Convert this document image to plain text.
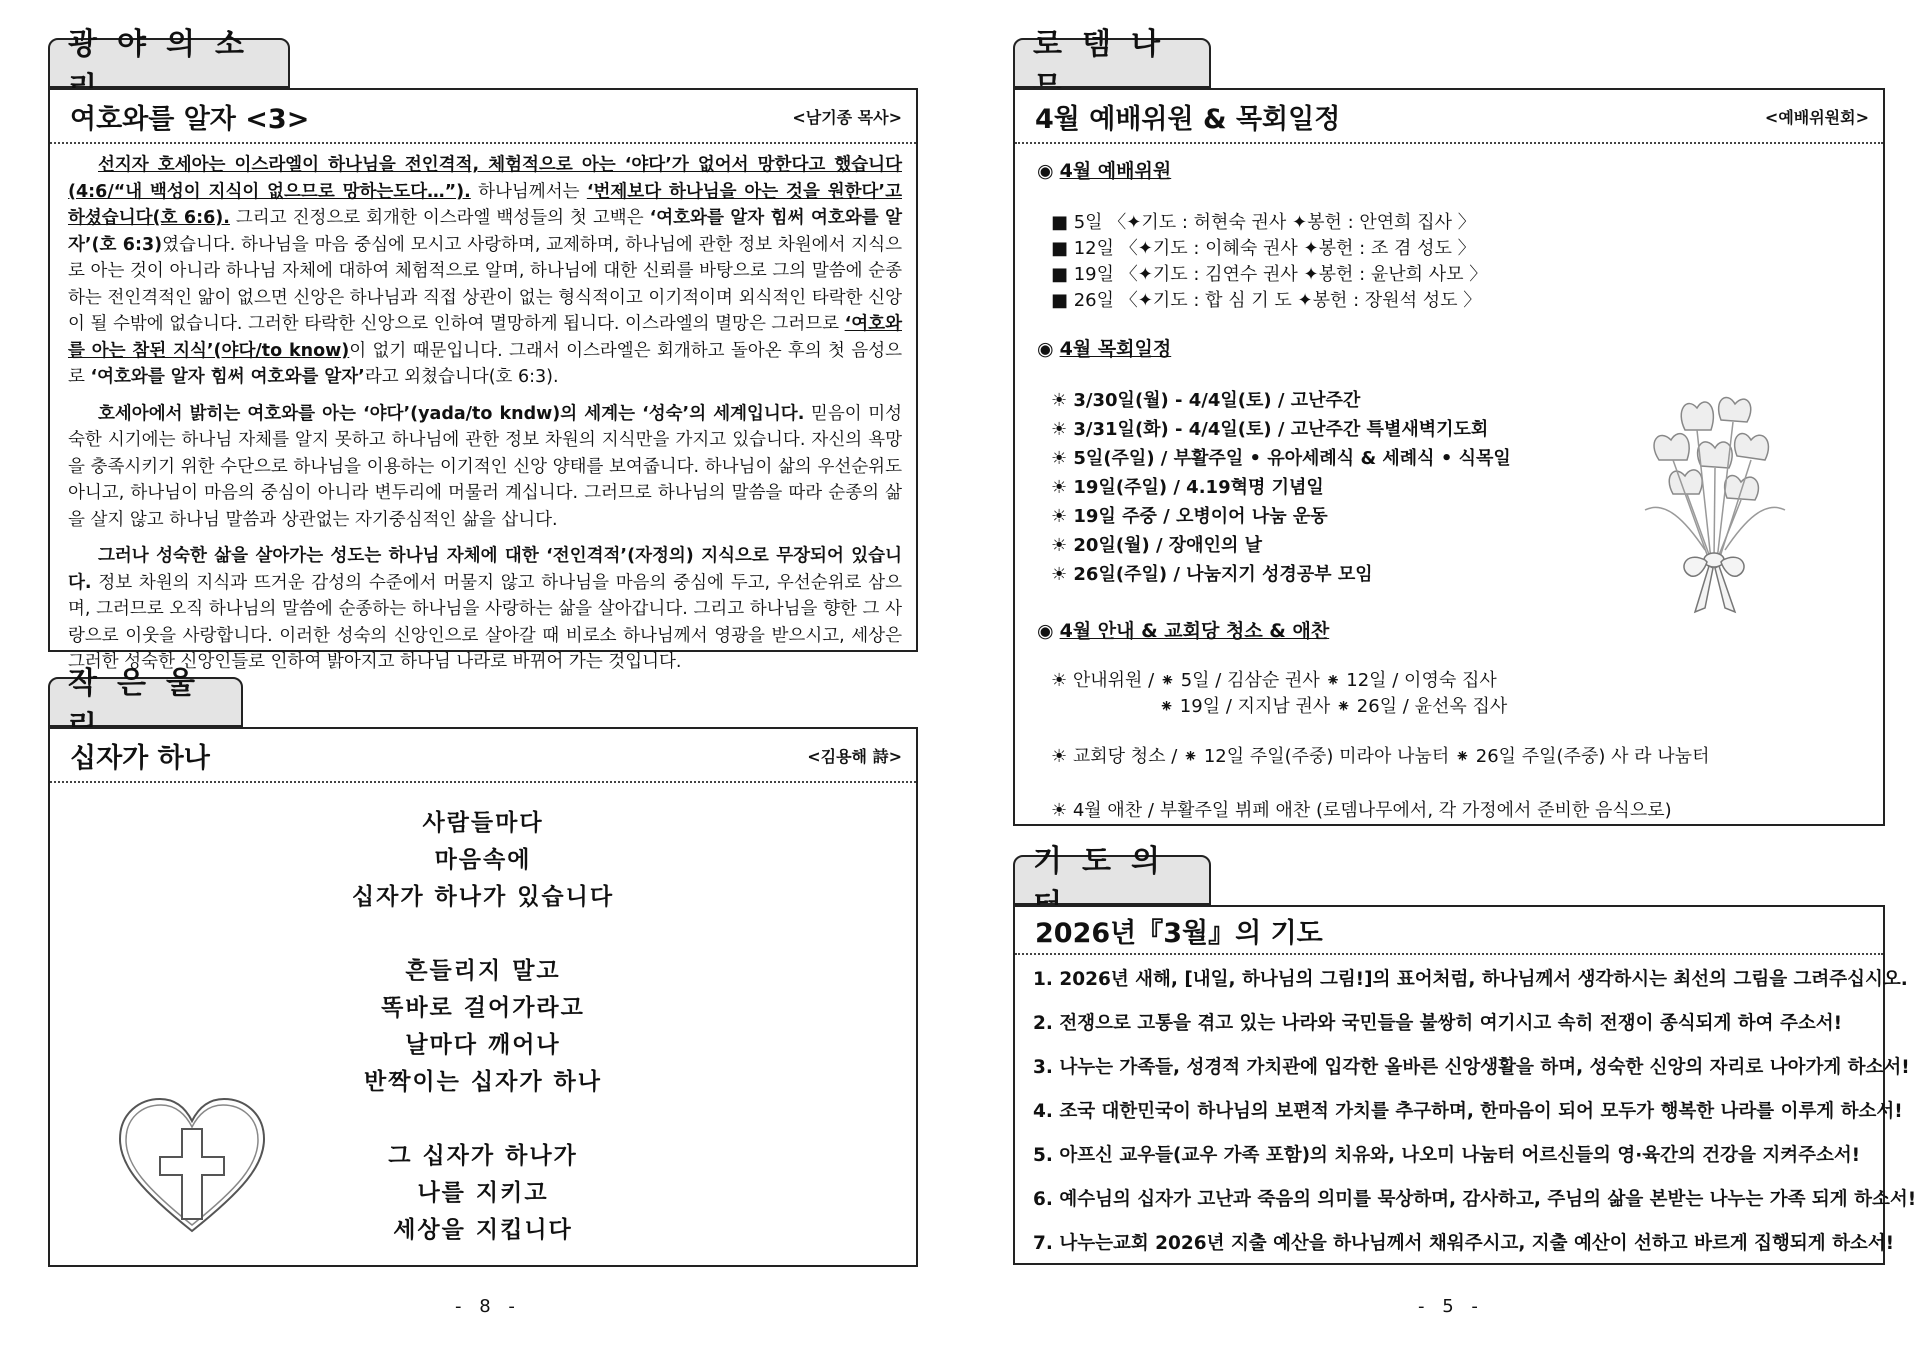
광야의소
여호와를 알자 <3>	<남기종 목사>

선지자 호세아는 이스라엘이 하나님을 전인격적, 체험적으로 아는 ‘야다’가 없어서 망한다고 했습니다(4:6/“내 백성이 지식이 없으므로 망하는도다…”). 하나님께서는 ‘번제보다 하나님을 아는 것을 원한다’고 하셨습니다(호 6:6). 그리고 진정으로 회개한 이스라엘 백성들의 첫 고백은 ‘여호와를 알자 힘써 여호와를 알자’(호 6:3)였습니다. 하나님을 마음 중심에 모시고 사랑하며, 교제하며, 하나님에 관한 정보 차원에서 지식으로 아는 것이 아니라 하나님 자체에 대하여 체험적으로 알며, 하나님에 대한 신뢰를 바탕으로 그의 말씀에 순종하는 전인격적인 앎이 없으면 신앙은 하나님과 직접 상관이 없는 형식적이고 이기적이며 외식적인 타락한 신앙이 될 수밖에 없습니다. 그러한 타락한 신앙으로 인하여 멸망하게 됩니다. 이스라엘의 멸망은 그러므로 ‘여호와를 아는 참된 지식’(야다/to know)이 없기 때문입니다. 그래서 이스라엘은 회개하고 돌아온 후의 첫 음성으로 ‘여호와를 알자 힘써 여호와를 알자’라고 외쳤습니다(호 6:3).

호세아에서 밝히는 여호와를 아는 ‘야다’(yada/to kndw)의 세계는 ‘성숙’의 세계입니다. 믿음이 미성숙한 시기에는 하나님 자체를 알지 못하고 하나님에 관한 정보 차원의 지식만을 가지고 있습니다. 자신의 욕망을 충족시키기 위한 수단으로 하나님을 이용하는 이기적인 신앙 양태를 보여줍니다. 하나님이 삶의 우선순위도 아니고, 하나님이 마음의 중심이 아니라 변두리에 머물러 계십니다. 그러므로 하나님의 말씀을 따라 순종의 삶을 살지 않고 하나님 말씀과 상관없는 자기중심적인 삶을 삽니다.

그러나 성숙한 삶을 살아가는 성도는 하나님 자체에 대한 ‘전인격적’(자정의) 지식으로 무장되어 있습니다. 정보 차원의 지식과 뜨거운 감성의 수준에서 머물지 않고 하나님을 마음의 중심에 두고, 우선순위로 삼으며, 그러므로 오직 하나님의 말씀에 순종하는 하나님을 사랑하는 삶을 살아갑니다. 그리고 하나님을 향한 그 사랑으로 이웃을 사랑합니다. 이러한 성숙의 신앙인으로 살아갈 때 비로소 하나님께서 영광을 받으시고, 세상은 그러한 성숙한 신앙인들로 인하여 밝아지고 하나님 나라로 바뀌어 가는 것입니다.

작은울
십자가 하나	<김용해 詩>
사람들마다
마음속에
십자가 하나가 있습니다
흔들리지 말고
똑바로 걸어가라고
날마다 깨어나
반짝이는 십자가 하나
그 십자가 하나가
나를 지키고
세상을 지킵니다
- 8 -
로뎀나
4월 예배위원 & 목회일정	<예배위원회>
◉ 4월 예배위원
■ 5일 〈✦기도 : 허현숙 권사 ✦봉헌 : 안연희 집사 〉
■ 12일 〈✦기도 : 이혜숙 권사 ✦봉헌 : 조 겸 성도 〉
■ 19일 〈✦기도 : 김연수 권사 ✦봉헌 : 윤난희 사모 〉
■ 26일 〈✦기도 : 합 심 기 도 ✦봉헌 : 장원석 성도 〉
◉ 4월 목회일정
☀ 3/30일(월) - 4/4일(토) / 고난주간
☀ 3/31일(화) - 4/4일(토) / 고난주간 특별새벽기도회
☀ 5일(주일) / 부활주일 • 유아세례식 & 세례식 • 식목일
☀ 19일(주일) / 4.19혁명 기념일
☀ 19일 주중 / 오병이어 나눔 운동
☀ 20일(월) / 장애인의 날
☀ 26일(주일) / 나눔지기 성경공부 모임
◉ 4월 안내 & 교회당 청소 & 애찬
☀ 안내위원 / ⁕ 5일 / 김삼순 권사 ⁕ 12일 / 이영숙 집사
⁕ 19일 / 지지남 권사 ⁕ 26일 / 윤선옥 집사
☀ 교회당 청소 / ⁕ 12일 주일(주중) 미라아 나눔터 ⁕ 26일 주일(주중) 사 라 나눔터
☀ 4월 애찬 / 부활주일 뷔페 애찬 (로뎀나무에서, 각 가정에서 준비한 음식으로)
기도의
2026년『3월』의 기도
1. 2026년 새해, [내일, 하나님의 그림!]의 표어처럼, 하나님께서 생각하시는 최선의 그림을 그려주십시오.
2. 전쟁으로 고통을 겪고 있는 나라와 국민들을 불쌍히 여기시고 속히 전쟁이 종식되게 하여 주소서!
3. 나누는 가족들, 성경적 가치관에 입각한 올바른 신앙생활을 하며, 성숙한 신앙의 자리로 나아가게 하소서!
4. 조국 대한민국이 하나님의 보편적 가치를 추구하며, 한마음이 되어 모두가 행복한 나라를 이루게 하소서!
5. 아프신 교우들(교우 가족 포함)의 치유와, 나오미 나눔터 어르신들의 영·육간의 건강을 지켜주소서!
6. 예수님의 십자가 고난과 죽음의 의미를 묵상하며, 감사하고, 주님의 삶을 본받는 나누는 가족 되게 하소서!
7. 나누는교회 2026년 지출 예산을 하나님께서 채워주시고, 지출 예산이 선하고 바르게 집행되게 하소서!
- 5 -
